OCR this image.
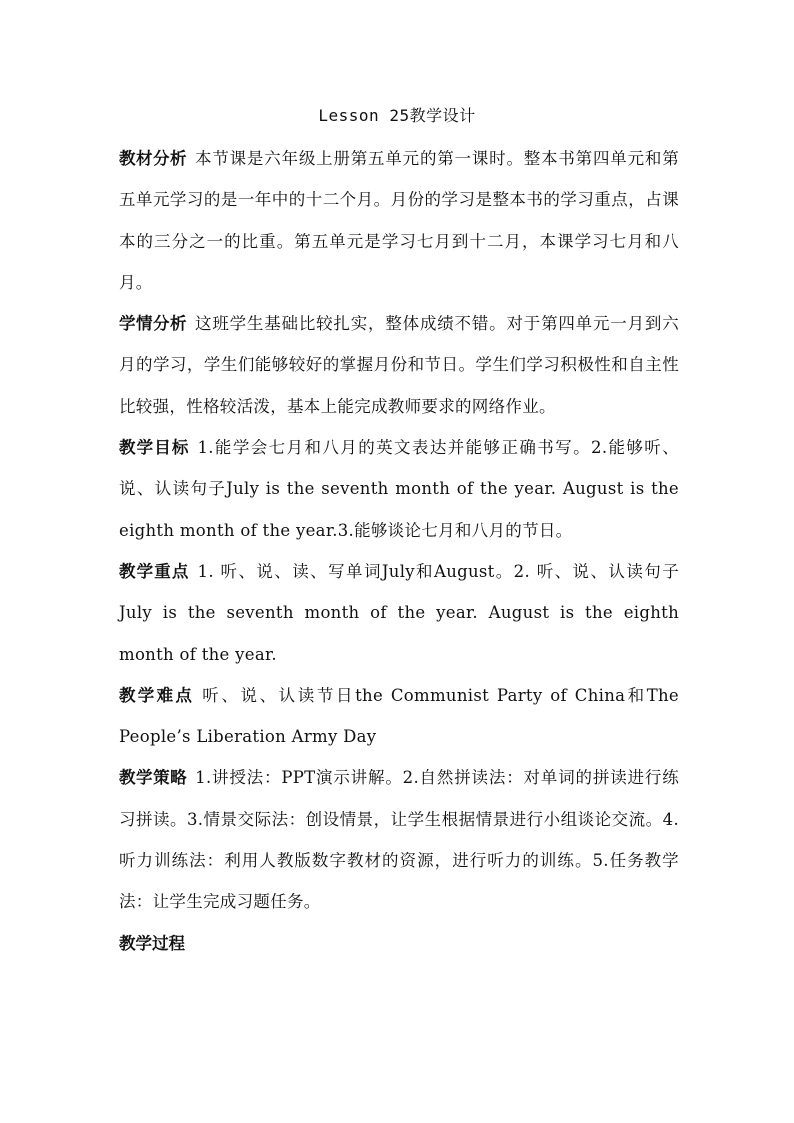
Lesson 25教学设计

教材分析 本节课是六年级上册第五单元的第一课时。整本书第四单元和第五单元学习的是一年中的十二个月。月份的学习是整本书的学习重点，占课本的三分之一的比重。第五单元是学习七月到十二月，本课学习七月和八月。

学情分析 这班学生基础比较扎实，整体成绩不错。对于第四单元一月到六月的学习，学生们能够较好的掌握月份和节日。学生们学习积极性和自主性比较强，性格较活泼，基本上能完成教师要求的网络作业。

教学目标 1.能学会七月和八月的英文表达并能够正确书写。2.能够听、说、认读句子July is the seventh month of the year. August is the eighth month of the year.3.能够谈论七月和八月的节日。

教学重点 1. 听、说、读、写单词July和August。2. 听、说、认读句子 July is the seventh month of the year. August is the eighth month of the year.

教学难点 听、说、认读节日the Communist Party of China和The People’s Liberation Army Day

教学策略 1.讲授法：PPT演示讲解。2.自然拼读法：对单词的拼读进行练习拼读。3.情景交际法：创设情景，让学生根据情景进行小组谈论交流。4.听力训练法：利用人教版数字教材的资源，进行听力的训练。5.任务教学法：让学生完成习题任务。

教学过程
